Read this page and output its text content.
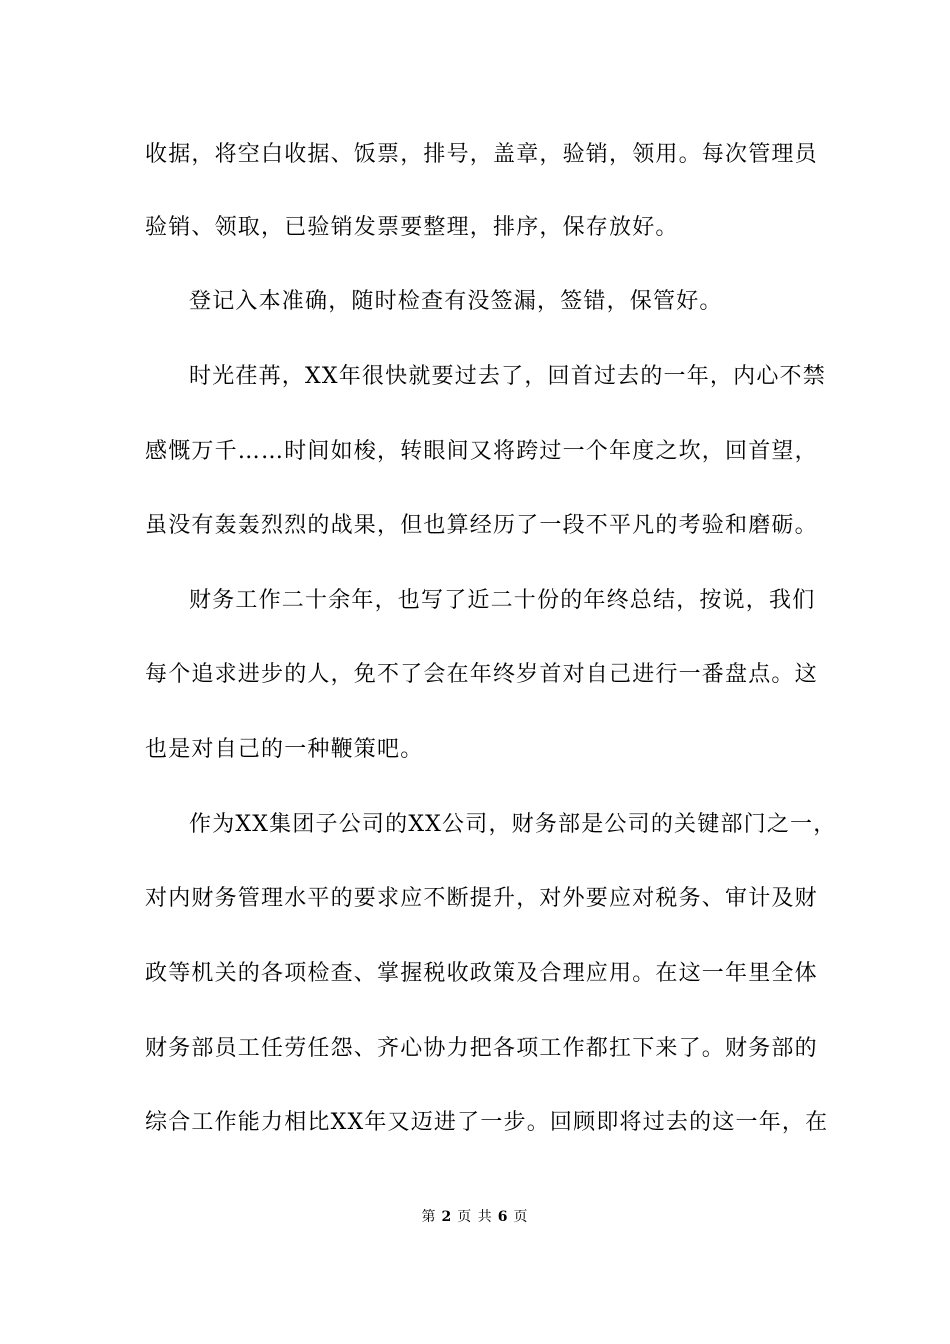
收据，将空白收据、饭票，排号，盖章，验销，领用。每次管理员
验销、领取，已验销发票要整理，排序，保存放好。
登记入本准确，随时检查有没签漏，签错，保管好。
时光荏苒，XX年很快就要过去了，回首过去的一年，内心不禁
感慨万千……时间如梭，转眼间又将跨过一个年度之坎，回首望，
虽没有轰轰烈烈的战果，但也算经历了一段不平凡的考验和磨砺。
财务工作二十余年，也写了近二十份的年终总结，按说，我们
每个追求进步的人，免不了会在年终岁首对自己进行一番盘点。这
也是对自己的一种鞭策吧。
作为XX集团子公司的XX公司，财务部是公司的关键部门之一，
对内财务管理水平的要求应不断提升，对外要应对税务、审计及财
政等机关的各项检查、掌握税收政策及合理应用。在这一年里全体
财务部员工任劳任怨、齐心协力把各项工作都扛下来了。财务部的
综合工作能力相比XX年又迈进了一步。回顾即将过去的这一年，在
第 2 页 共 6 页
